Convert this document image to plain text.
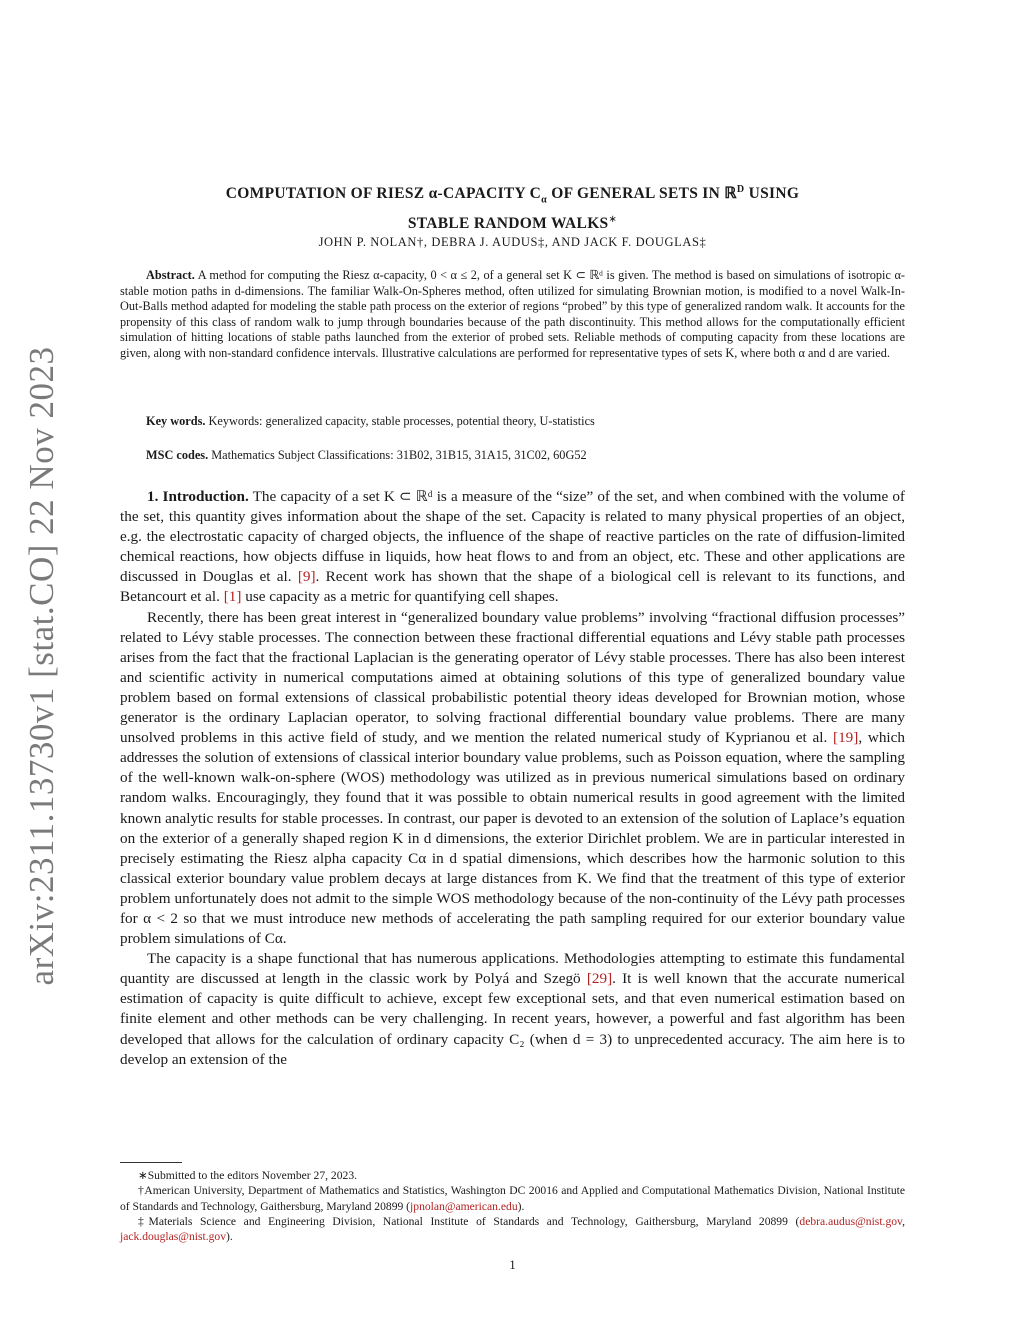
arXiv:2311.13730v1 [stat.CO] 22 Nov 2023
COMPUTATION OF RIESZ α-CAPACITY $C_\alpha$ OF GENERAL SETS IN ℝ$^D$ USING
STABLE RANDOM WALKS∗
JOHN P. NOLAN†, DEBRA J. AUDUS‡, AND JACK F. DOUGLAS‡
Abstract. A method for computing the Riesz α-capacity, 0 < α ≤ 2, of a general set K ⊂ ℝᵈ is given. The method is based on simulations of isotropic α-stable motion paths in d-dimensions. The familiar Walk-On-Spheres method, often utilized for simulating Brownian motion, is modified to a novel Walk-In-Out-Balls method adapted for modeling the stable path process on the exterior of regions “probed” by this type of generalized random walk. It accounts for the propensity of this class of random walk to jump through boundaries because of the path discontinuity. This method allows for the computationally efficient simulation of hitting locations of stable paths launched from the exterior of probed sets. Reliable methods of computing capacity from these locations are given, along with non-standard confidence intervals. Illustrative calculations are performed for representative types of sets K, where both α and d are varied.
Key words. Keywords: generalized capacity, stable processes, potential theory, U-statistics
MSC codes. Mathematics Subject Classifications: 31B02, 31B15, 31A15, 31C02, 60G52

1. Introduction. The capacity of a set K ⊂ ℝᵈ is a measure of the “size” of the set, and when combined with the volume of the set, this quantity gives information about the shape of the set. Capacity is related to many physical properties of an object, e.g. the electrostatic capacity of charged objects, the influence of the shape of reactive particles on the rate of diffusion-limited chemical reactions, how objects diffuse in liquids, how heat flows to and from an object, etc. These and other applications are discussed in Douglas et al. [9]. Recent work has shown that the shape of a biological cell is relevant to its functions, and Betancourt et al. [1] use capacity as a metric for quantifying cell shapes.

Recently, there has been great interest in “generalized boundary value problems” involving “fractional diffusion processes” related to Lévy stable processes. The connection between these fractional differential equations and Lévy stable path processes arises from the fact that the fractional Laplacian is the generating operator of Lévy stable processes. There has also been interest and scientific activity in numerical computations aimed at obtaining solutions of this type of generalized boundary value problem based on formal extensions of classical probabilistic potential theory ideas developed for Brownian motion, whose generator is the ordinary Laplacian operator, to solving fractional differential boundary value problems. There are many unsolved problems in this active field of study, and we mention the related numerical study of Kyprianou et al. [19], which addresses the solution of extensions of classical interior boundary value problems, such as Poisson equation, where the sampling of the well-known walk-on-sphere (WOS) methodology was utilized as in previous numerical simulations based on ordinary random walks. Encouragingly, they found that it was possible to obtain numerical results in good agreement with the limited known analytic results for stable processes. In contrast, our paper is devoted to an extension of the solution of Laplace’s equation on the exterior of a generally shaped region K in d dimensions, the exterior Dirichlet problem. We are in particular interested in precisely estimating the Riesz alpha capacity Cα in d spatial dimensions, which describes how the harmonic solution to this classical exterior boundary value problem decays at large distances from K. We find that the treatment of this type of exterior problem unfortunately does not admit to the simple WOS methodology because of the non-continuity of the Lévy path processes for α < 2 so that we must introduce new methods of accelerating the path sampling required for our exterior boundary value problem simulations of Cα.

The capacity is a shape functional that has numerous applications. Methodologies attempting to estimate this fundamental quantity are discussed at length in the classic work by Polyá and Szegö [29]. It is well known that the accurate numerical estimation of capacity is quite difficult to achieve, except few exceptional sets, and that even numerical estimation based on finite element and other methods can be very challenging. In recent years, however, a powerful and fast algorithm has been developed that allows for the calculation of ordinary capacity C₂ (when d = 3) to unprecedented accuracy. The aim here is to develop an extension of the

∗Submitted to the editors November 27, 2023.

†American University, Department of Mathematics and Statistics, Washington DC 20016 and Applied and Computational Mathematics Division, National Institute of Standards and Technology, Gaithersburg, Maryland 20899 (jpnolan@american.edu).

‡Materials Science and Engineering Division, National Institute of Standards and Technology, Gaithersburg, Maryland 20899 (debra.audus@nist.gov, jack.douglas@nist.gov).

1
